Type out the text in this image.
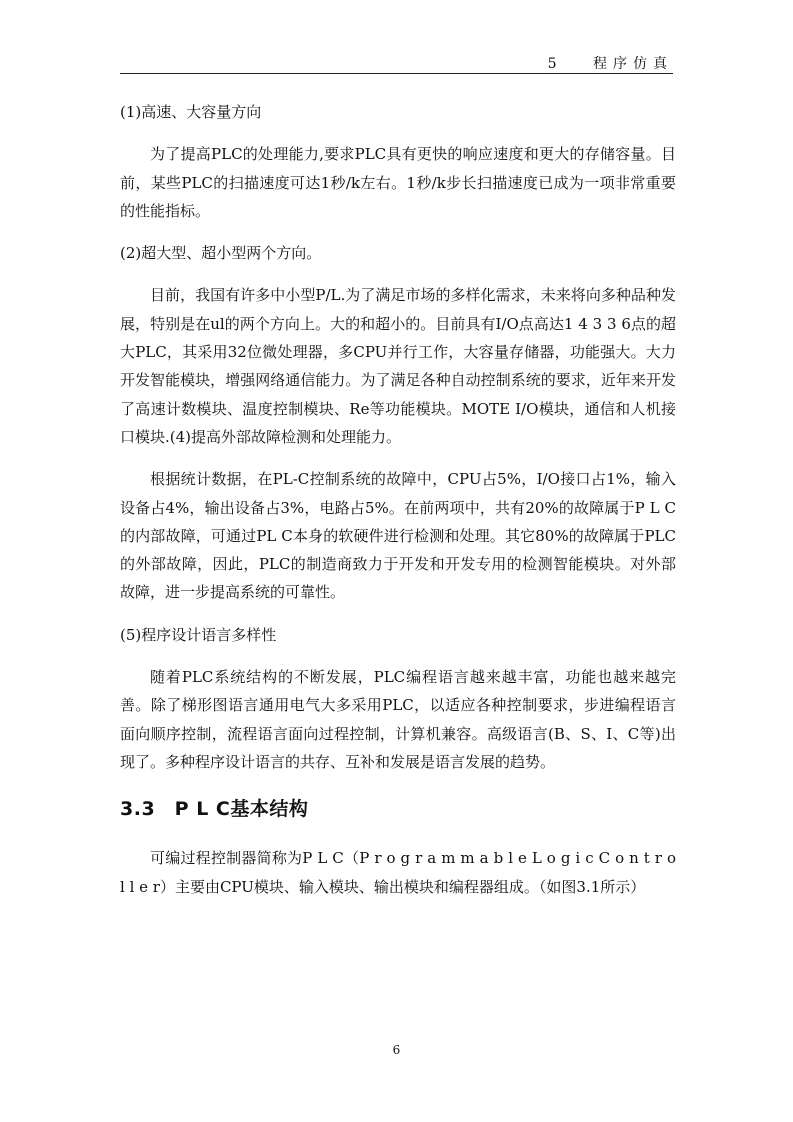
5　 程序仿真

(1)高速、大容量方向

为了提高PLC的处理能力,要求PLC具有更快的响应速度和更大的存储容量。目前，某些PLC的扫描速度可达1秒/k左右。1秒/k步长扫描速度已成为一项非常重要的性能指标。

(2)超大型、超小型两个方向。

目前，我国有许多中小型P/L.为了满足市场的多样化需求，未来将向多种品种发展，特别是在ul的两个方向上。大的和超小的。目前具有I/O点高达1 4 3 3 6点的超大PLC，其采用32位微处理器，多CPU并行工作，大容量存储器，功能强大。大力开发智能模块，增强网络通信能力。为了满足各种自动控制系统的要求，近年来开发了高速计数模块、温度控制模块、Re等功能模块。MOTE I/O模块，通信和人机接口模块.(4)提高外部故障检测和处理能力。

根据统计数据，在PL-C控制系统的故障中，CPU占5%，I/O接口占1%，输入设备占4%，输出设备占3%，电路占5%。在前两项中，共有20%的故障属于P L C的内部故障，可通过PL C本身的软硬件进行检测和处理。其它80%的故障属于PLC的外部故障，因此，PLC的制造商致力于开发和开发专用的检测智能模块。对外部故障，进一步提高系统的可靠性。

(5)程序设计语言多样性

随着PLC系统结构的不断发展，PLC编程语言越来越丰富，功能也越来越完善。除了梯形图语言通用电气大多采用PLC，以适应各种控制要求，步进编程语言面向顺序控制，流程语言面向过程控制，计算机兼容。高级语言(B、S、I、C等)出现了。多种程序设计语言的共存、互补和发展是语言发展的趋势。

3.3　P L C基本结构

可编过程控制器简称为P L C（P r o g r a m m a b l e L o g i c C o n t r o l l e r）主要由CPU模块、输入模块、输出模块和编程器组成。（如图3.1所示）

6
